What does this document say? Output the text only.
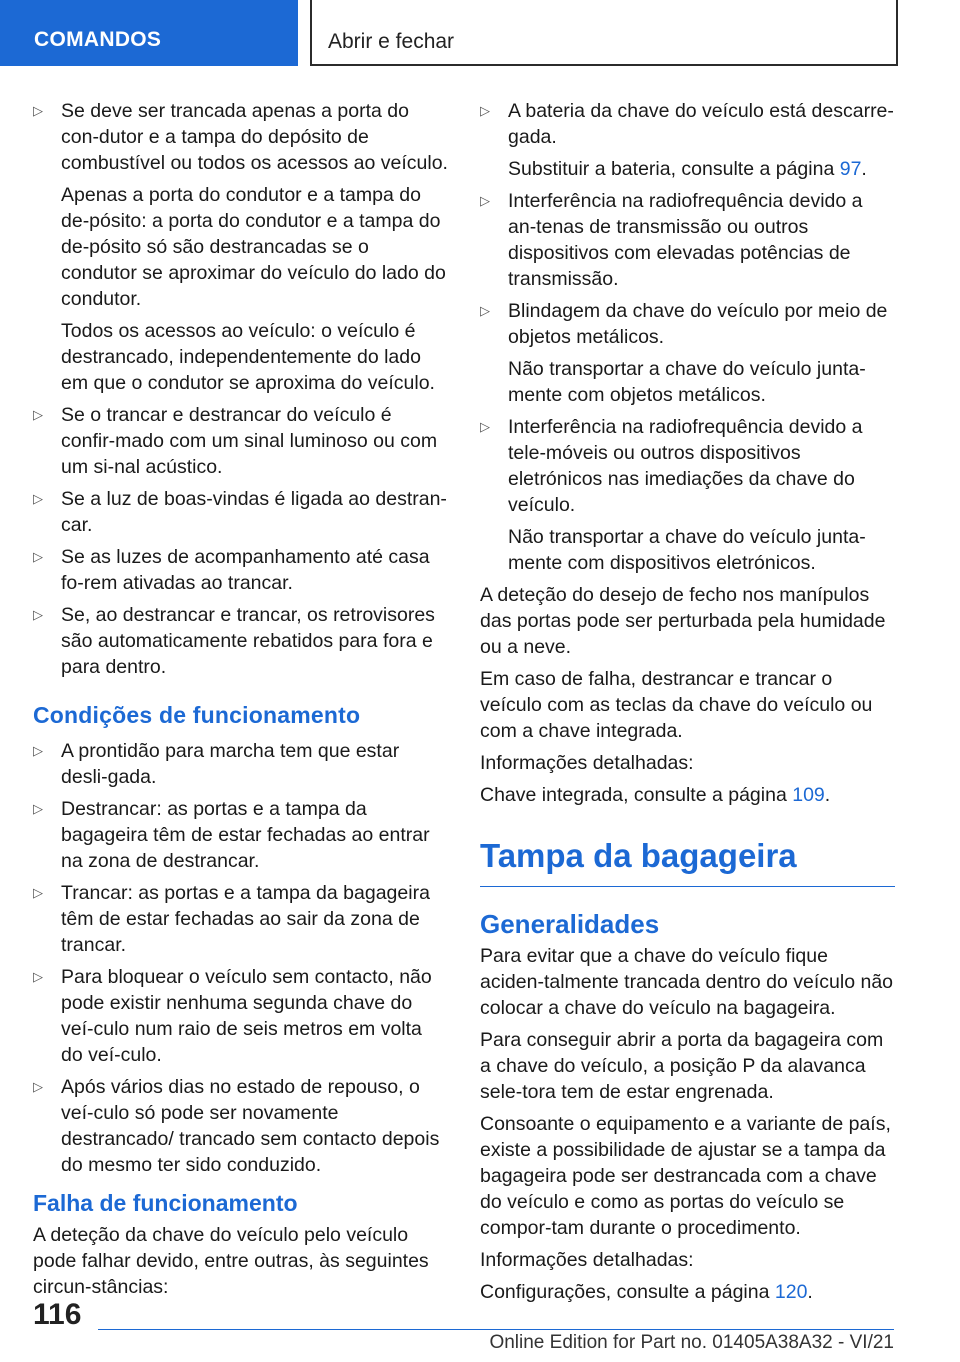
COMANDOS	Abrir e fechar
▷ Se deve ser trancada apenas a porta do con-dutor e a tampa do depósito de combustível ou todos os acessos ao veículo.

Apenas a porta do condutor e a tampa do de-pósito: a porta do condutor e a tampa do de-pósito só são destrancadas se o condutor se aproximar do veículo do lado do condutor.

Todos os acessos ao veículo: o veículo é destrancado, independentemente do lado em que o condutor se aproxima do veículo.

▷ Se o trancar e destrancar do veículo é confir-mado com um sinal luminoso ou com um si-nal acústico.

▷ Se a luz de boas-vindas é ligada ao destran-car.

▷ Se as luzes de acompanhamento até casa fo-rem ativadas ao trancar.

▷ Se, ao destrancar e trancar, os retrovisores são automaticamente rebatidos para fora e para dentro.

Condições de funcionamento
▷ A prontidão para marcha tem que estar desli-gada.

▷ Destrancar: as portas e a tampa da bagageira têm de estar fechadas ao entrar na zona de destrancar.

▷ Trancar: as portas e a tampa da bagageira têm de estar fechadas ao sair da zona de trancar.

▷ Para bloquear o veículo sem contacto, não pode existir nenhuma segunda chave do veí-culo num raio de seis metros em volta do veí-culo.

▷ Após vários dias no estado de repouso, o veí-culo só pode ser novamente destrancado/ trancado sem contacto depois do mesmo ter sido conduzido.

Falha de funcionamento

A deteção da chave do veículo pelo veículo pode falhar devido, entre outras, às seguintes circun-stâncias:

▷ A bateria da chave do veículo está descarre-gada.

Substituir a bateria, consulte a página 97.

▷ Interferência na radiofrequência devido a an-tenas de transmissão ou outros dispositivos com elevadas potências de transmissão.

▷ Blindagem da chave do veículo por meio de objetos metálicos.

Não transportar a chave do veículo junta-mente com objetos metálicos.

▷ Interferência na radiofrequência devido a tele-móveis ou outros dispositivos eletrónicos nas imediações da chave do veículo.

Não transportar a chave do veículo junta-mente com dispositivos eletrónicos.

A deteção do desejo de fecho nos manípulos das portas pode ser perturbada pela humidade ou a neve.

Em caso de falha, destrancar e trancar o veículo com as teclas da chave do veículo ou com a chave integrada.

Informações detalhadas:

Chave integrada, consulte a página 109.

Tampa da bagageira
Generalidades

Para evitar que a chave do veículo fique aciden-talmente trancada dentro do veículo não colocar a chave do veículo na bagageira.

Para conseguir abrir a porta da bagageira com a chave do veículo, a posição P da alavanca sele-tora tem de estar engrenada.

Consoante o equipamento e a variante de país, existe a possibilidade de ajustar se a tampa da bagageira pode ser destrancada com a chave do veículo e como as portas do veículo se compor-tam durante o procedimento.

Informações detalhadas:

Configurações, consulte a página 120.

116
Online Edition for Part no. 01405A38A32 - VI/21
